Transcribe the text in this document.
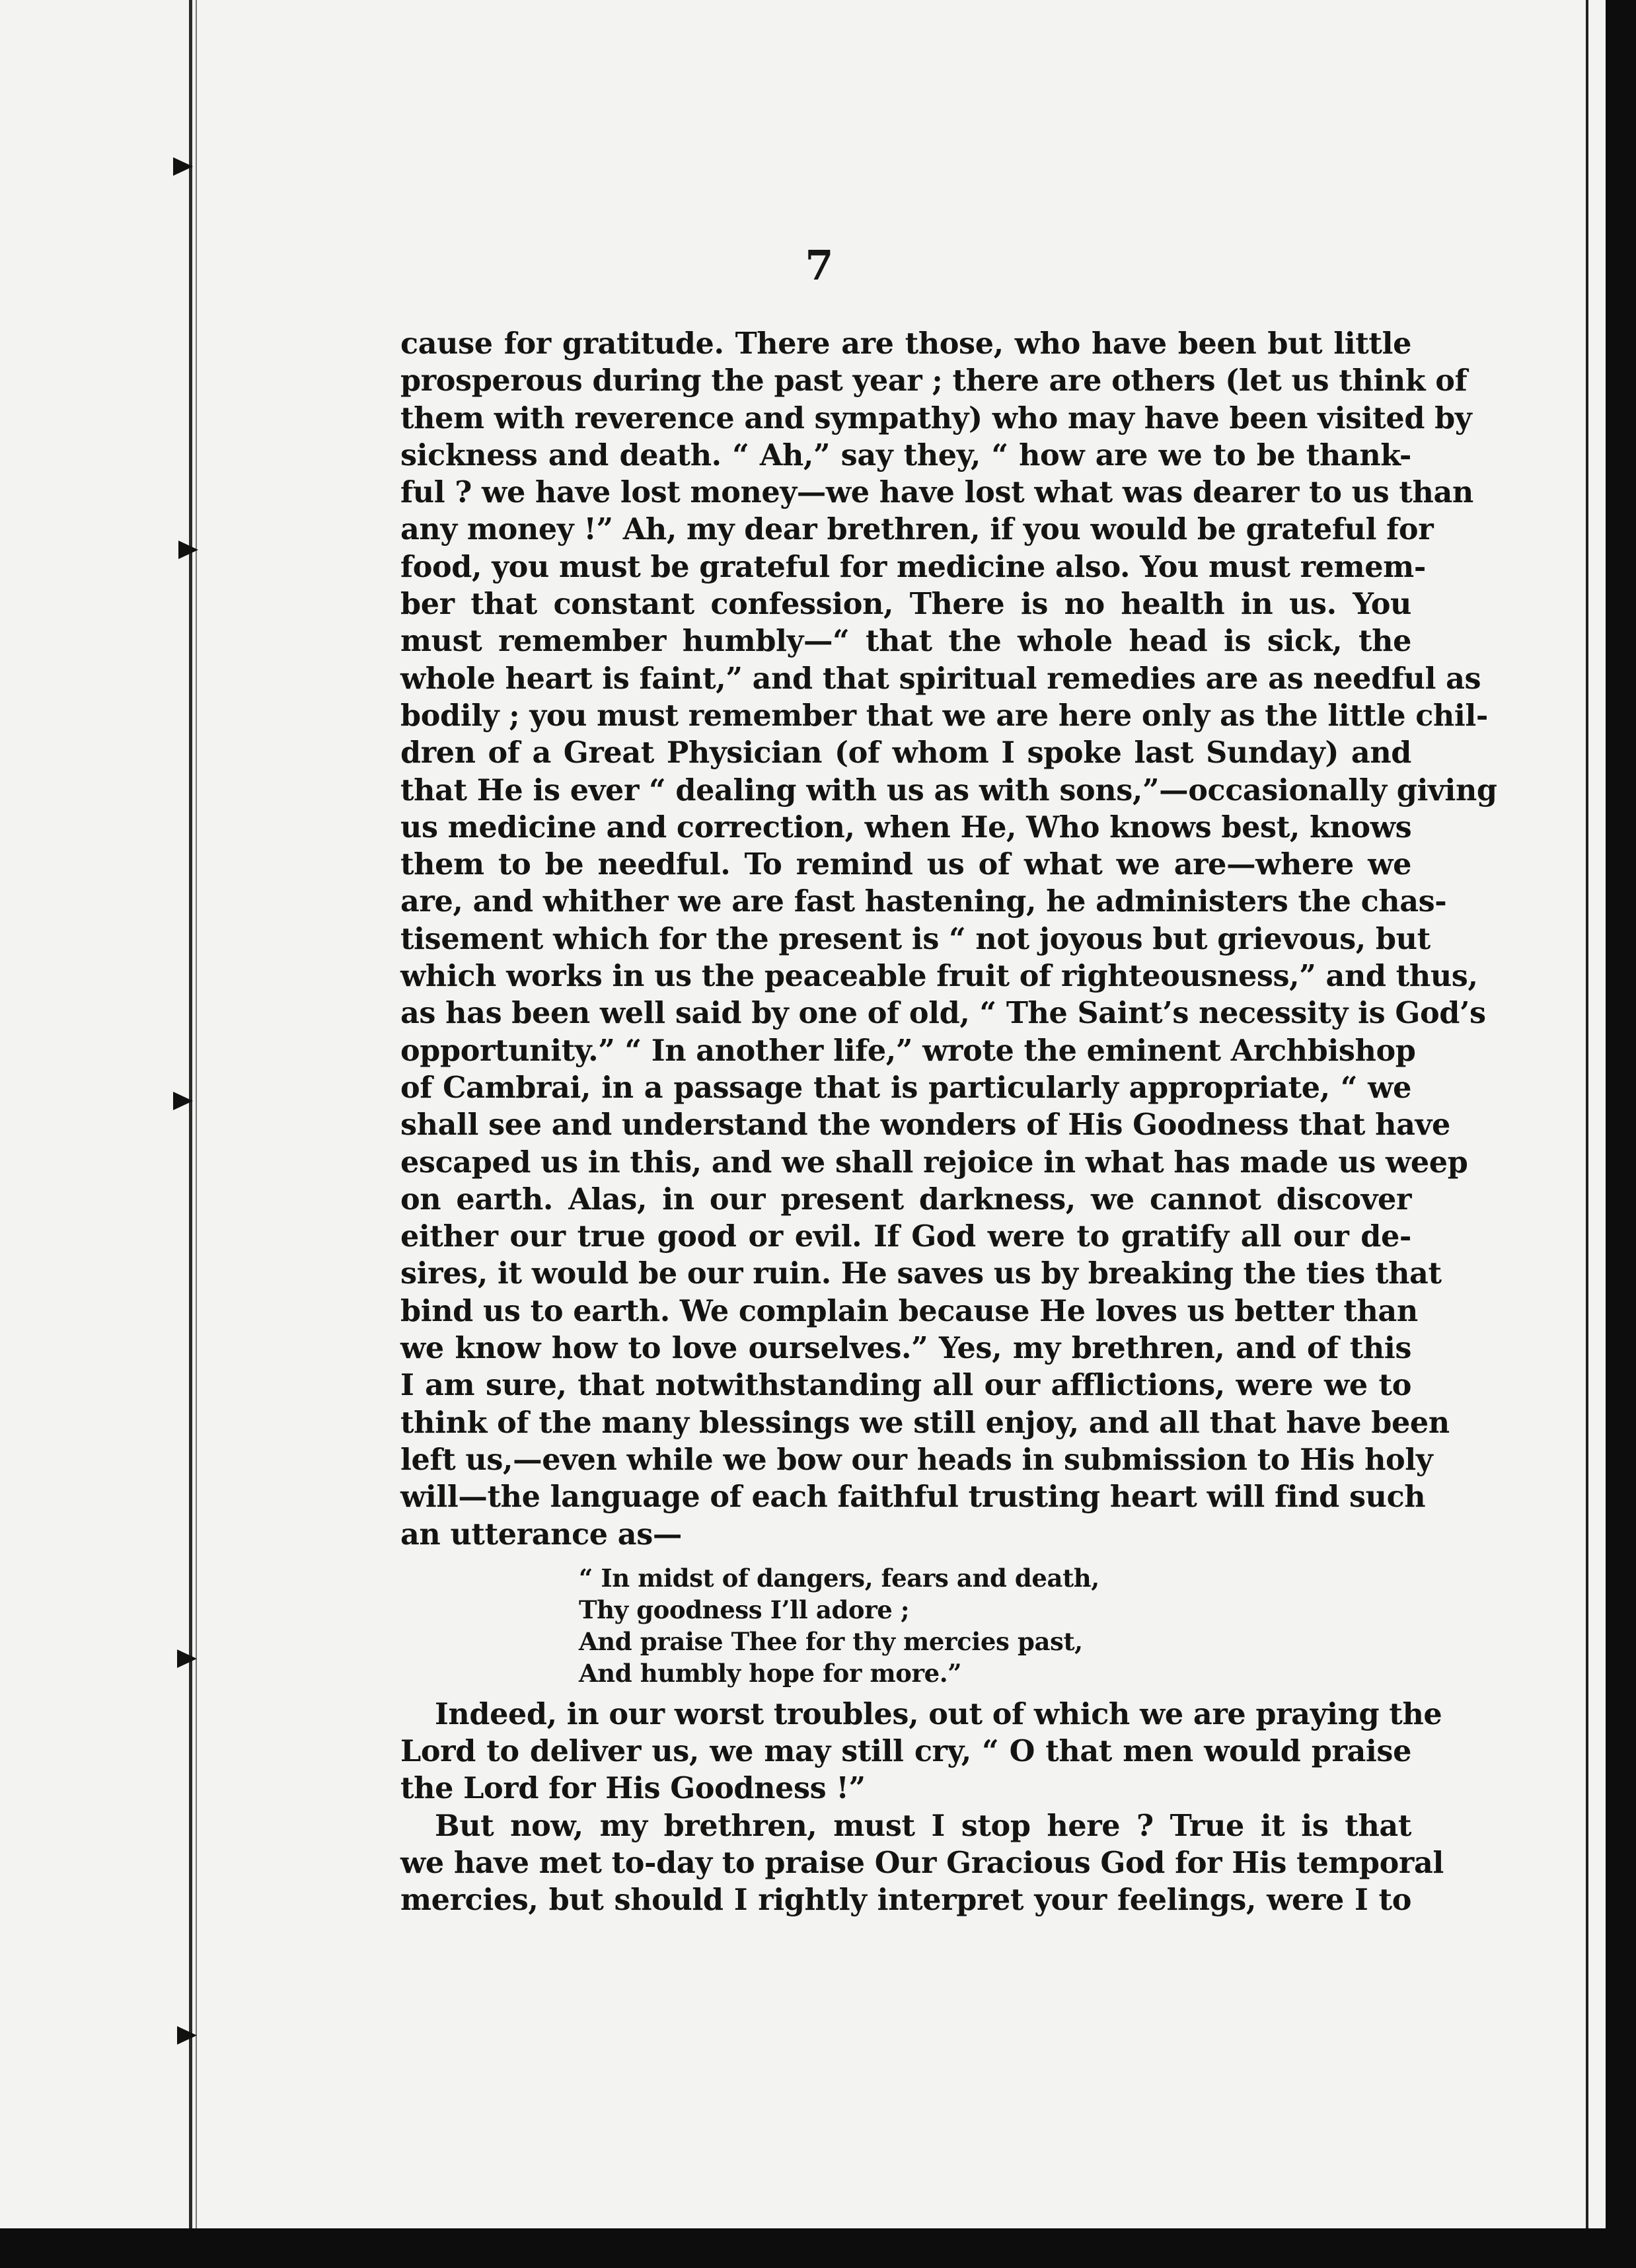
7
cause for gratitude. There are those, who have been but little
prosperous during the past year ; there are others (let us think of
them with reverence and sympathy) who may have been visited by
sickness and death. “ Ah,” say they, “ how are we to be thank-
ful ? we have lost money—we have lost what was dearer to us than
any money !” Ah, my dear brethren, if you would be grateful for
food, you must be grateful for medicine also. You must remem-
ber that constant confession, There is no health in us. You
must remember humbly—“ that the whole head is sick, the
whole heart is faint,” and that spiritual remedies are as needful as
bodily ; you must remember that we are here only as the little chil-
dren of a Great Physician (of whom I spoke last Sunday) and
that He is ever “ dealing with us as with sons,”—occasionally giving
us medicine and correction, when He, Who knows best, knows
them to be needful. To remind us of what we are—where we
are, and whither we are fast hastening, he administers the chas-
tisement which for the present is “ not joyous but grievous, but
which works in us the peaceable fruit of righteousness,” and thus,
as has been well said by one of old, “ The Saint’s necessity is God’s
opportunity.” “ In another life,” wrote the eminent Archbishop
of Cambrai, in a passage that is particularly appropriate, “ we
shall see and understand the wonders of His Goodness that have
escaped us in this, and we shall rejoice in what has made us weep
on earth. Alas, in our present darkness, we cannot discover
either our true good or evil. If God were to gratify all our de-
sires, it would be our ruin. He saves us by breaking the ties that
bind us to earth. We complain because He loves us better than
we know how to love ourselves.” Yes, my brethren, and of this
I am sure, that notwithstanding all our afflictions, were we to
think of the many blessings we still enjoy, and all that have been
left us,—even while we bow our heads in submission to His holy
will—the language of each faithful trusting heart will find such
an utterance as—
“ In midst of dangers, fears and death,
Thy goodness I’ll adore ;
And praise Thee for thy mercies past,
And humbly hope for more.”
Indeed, in our worst troubles, out of which we are praying the
Lord to deliver us, we may still cry, “ O that men would praise
the Lord for His Goodness !”
But now, my brethren, must I stop here ? True it is that
we have met to-day to praise Our Gracious God for His temporal
mercies, but should I rightly interpret your feelings, were I to
